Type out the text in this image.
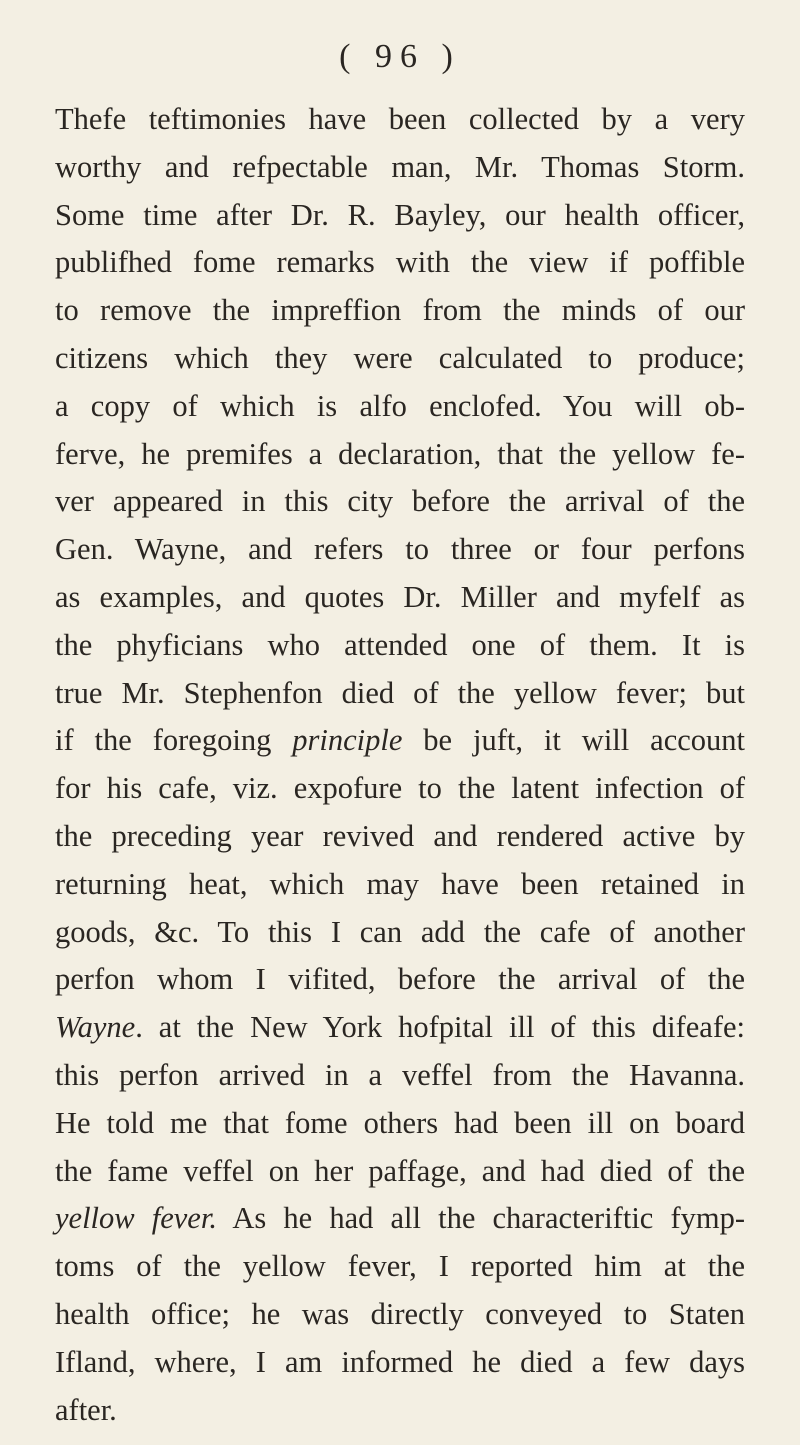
( 96 )
Thefe teftimonies have been collected by a very
worthy and refpectable man, Mr. Thomas Storm.
Some time after Dr. R. Bayley, our health officer,
publifhed fome remarks with the view if poffible
to remove the impreffion from the minds of our
citizens which they were calculated to produce;
a copy of which is alfo enclofed. You will ob-
ferve, he premifes a declaration, that the yellow fe-
ver appeared in this city before the arrival of the
Gen. Wayne, and refers to three or four perfons
as examples, and quotes Dr. Miller and myfelf as
the phyficians who attended one of them. It is
true Mr. Stephenfon died of the yellow fever; but
if the foregoing principle be juft, it will account
for his cafe, viz. expofure to the latent infection of
the preceding year revived and rendered active by
returning heat, which may have been retained in
goods, &c. To this I can add the cafe of another
perfon whom I vifited, before the arrival of the
Wayne. at the New York hofpital ill of this difeafe:
this perfon arrived in a veffel from the Havanna.
He told me that fome others had been ill on board
the fame veffel on her paffage, and had died of the
yellow fever. As he had all the characteriftic fymp-
toms of the yellow fever, I reported him at the
health office; he was directly conveyed to Staten
Ifland, where, I am informed he died a few days
after.
